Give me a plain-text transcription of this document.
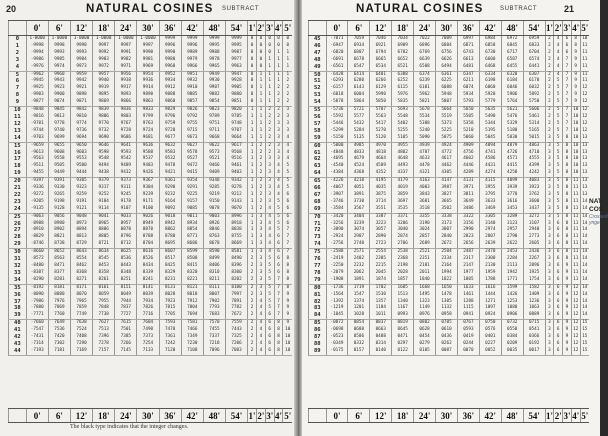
20	NATURAL COSINES SUBTRACT
	0'	6'	12'	18'	24'	30'	36'	42'	48'	54'	1'	2'	3'	4'	5'
0	1·0000	1·0000	1·0000	1·0000	1·0000	1·0000	9999	9999	9999	9999	0	0	0	0	0
1	·9998	9998	9998	9997	9997	9997	9996	9996	9995	9995	0	0	0	0	0
2	·9994	9993	9993	9992	9991	9990	9990	9989	9988	9987	0	0	0	1	1
3	·9986	9985	9984	9983	9982	9981	9980	9979	9978	9977	0	0	1	1	1
4	·9976	9974	9973	9972	9971	9969	9968	9966	9965	9963	0	0	1	1	1
5	·9962	9960	9959	9957	9956	9954	9952	9951	9949	9947	0	1	1	1	1
6	·9945	9943	9942	9940	9938	9936	9934	9932	9930	9928	0	1	1	1	2
7	·9925	9923	9921	9919	9917	9914	9912	9910	9907	9905	0	1	1	2	2
8	·9903	9900	9898	9895	9893	9890	9888	9885	9882	9880	0	1	1	2	2
9	·9877	9874	9871	9869	9866	9863	9860	9857	9854	9851	0	1	1	2	2
10	·9848	9845	9842	9839	9836	9833	9829	9826	9823	9820	1	1	2	2	3
11	·9816	9813	9810	9806	9803	9799	9796	9792	9789	9785	1	1	2	2	3
12	·9781	9778	9774	9770	9767	9763	9759	9755	9751	9748	1	1	2	3	3
13	·9744	9740	9736	9732	9728	9724	9720	9715	9711	9707	1	1	2	3	3
14	·9703	9699	9694	9690	9686	9681	9677	9673	9668	9664	1	1	2	3	4
15	·9659	9655	9650	9646	9641	9636	9632	9627	9622	9617	1	2	2	3	4
16	·9613	9608	9603	9598	9593	9588	9583	9578	9573	9568	1	2	2	3	4
17	·9563	9558	9553	9548	9542	9537	9532	9527	9521	9516	1	2	3	3	4
18	·9511	9505	9500	9494	9489	9483	9478	9472	9466	9461	1	2	3	4	5
19	·9455	9449	9444	9438	9432	9426	9421	9415	9409	9403	1	2	3	4	5
20	·9397	9391	9385	9379	9373	9367	9361	9354	9348	9342	1	2	3	4	5
21	·9336	9330	9323	9317	9311	9304	9298	9291	9285	9278	1	2	3	4	5
22	·9272	9265	9259	9252	9245	9239	9232	9225	9219	9212	1	2	3	4	6
23	·9205	9198	9191	9184	9178	9171	9164	9157	9150	9143	1	2	3	5	6
24	·9135	9128	9121	9114	9107	9100	9092	9085	9078	9070	1	2	4	5	6
25	·9063	9056	9048	9041	9033	9026	9018	9011	9003	8996	1	3	4	5	6
26	·8988	8980	8973	8965	8957	8949	8942	8934	8926	8918	1	3	4	5	6
27	·8910	8902	8894	8886	8878	8870	8862	8854	8846	8838	1	3	4	5	7
28	·8829	8821	8813	8805	8796	8788	8780	8771	8763	8755	1	3	4	6	7
29	·8746	8738	8729	8721	8712	8704	8695	8686	8678	8669	1	3	4	6	7
30	·8660	8652	8643	8634	8625	8616	8607	8599	8590	8581	1	3	4	6	7
31	·8572	8563	8554	8545	8536	8526	8517	8508	8499	8490	2	3	5	6	8
32	·8480	8471	8462	8453	8443	8434	8425	8415	8406	8396	2	3	5	6	8
33	·8387	8377	8368	8358	8348	8339	8329	8320	8310	8300	2	3	5	6	8
34	·8290	8281	8271	8261	8251	8241	8231	8221	8211	8202	2	3	5	7	8
35	·8192	8181	8171	8161	8151	8141	8131	8121	8111	8100	2	3	5	7	8
36	·8090	8080	8070	8059	8049	8039	8028	8018	8007	7997	2	3	5	7	9
37	·7986	7976	7965	7955	7944	7934	7923	7912	7902	7891	2	4	5	7	9
38	·7880	7869	7859	7848	7837	7826	7815	7804	7793	7782	2	4	5	7	9
39	·7771	7760	7749	7738	7727	7716	7705	7694	7683	7672	2	4	6	7	9
40	·7660	7649	7638	7627	7615	7604	7593	7581	7570	7559	2	4	6	8	9
41	·7547	7536	7524	7513	7501	7490	7478	7466	7455	7443	2	4	6	8	10
42	·7431	7420	7408	7396	7385	7373	7361	7349	7337	7325	2	4	6	8	10
43	·7314	7302	7290	7278	7266	7254	7242	7230	7218	7206	2	4	6	8	10
44	·7193	7181	7169	7157	7145	7133	7120	7108	7096	7083	2	4	6	8	10
	0'	6'	12'	18'	24'	30'	36'	42'	48'	54'	1'	2'	3'	4'	5'
The black type indicates that the integer changes.
NATURAL COSINES	SUBTRACT	21
	0'	6'	12'	18'	24'	30'	36'	42'	48'	54'	1'	2'	3'	4'	5'
45	·7071	7059	7046	7034	7022	7009	6997	6984	6972	6959	2	4	6	8	10
46	·6947	6934	6921	6909	6896	6884	6871	6858	6845	6833	2	4	6	8	11
47	·6820	6807	6794	6782	6769	6756	6743	6730	6717	6704	2	4	6	9	11
48	·6691	6678	6665	6652	6639	6626	6613	6600	6587	6574	2	4	7	9	11
49	·6561	6547	6534	6521	6508	6494	6481	6468	6455	6441	2	4	7	9	11
50	·6428	6414	6401	6388	6374	6361	6347	6334	6320	6307	2	4	7	9	11
51	·6293	6280	6266	6252	6239	6225	6211	6198	6184	6170	2	5	7	9	11
52	·6157	6143	6129	6115	6101	6088	6074	6060	6046	6032	2	5	7	9	12
53	·6018	6004	5990	5976	5962	5948	5934	5920	5906	5892	2	5	7	9	12
54	·5878	5864	5850	5835	5821	5807	5793	5779	5764	5750	2	5	7	9	12
55	·5736	5721	5707	5693	5678	5664	5650	5635	5621	5606	2	5	7	10	12
56	·5592	5577	5563	5548	5534	5519	5505	5490	5476	5461	2	5	7	10	12
57	·5446	5432	5417	5402	5388	5373	5358	5344	5329	5314	2	5	7	10	12
58	·5299	5284	5270	5255	5240	5225	5210	5195	5180	5165	2	5	7	10	12
59	·5150	5135	5120	5105	5090	5075	5060	5045	5030	5015	3	5	8	10	13
60	·5000	4985	4970	4955	4939	4924	4909	4894	4879	4863	3	5	8	10	13
61	·4848	4833	4818	4802	4787	4772	4756	4741	4726	4710	3	5	8	10	13
62	·4695	4679	4664	4648	4633	4617	4602	4586	4571	4555	3	5	8	10	13
63	·4540	4524	4509	4493	4478	4462	4446	4431	4415	4399	3	5	8	10	13
64	·4384	4368	4352	4337	4321	4305	4289	4274	4258	4242	3	5	8	10	13
65	·4226	4210	4195	4179	4163	4147	4131	4115	4099	4083	3	5	8	11	13
66	·4067	4051	4035	4019	4003	3987	3971	3955	3939	3923	3	5	8	11	13
67	·3907	3891	3875	3859	3843	3827	3811	3795	3778	3762	3	5	8	11	13
68	·3746	3730	3714	3697	3681	3665	3649	3633	3616	3600	3	5	8	11	14
69	·3584	3567	3551	3535	3518	3502	3486	3469	3453	3437	3	5	8	11	14
70	·3420	3404	3387	3371	3355	3338	3322	3305	3289	3272	3	5	8	11	14
71	·3256	3239	3223	3206	3190	3173	3156	3140	3123	3107	3	6	8	11	14
72	·3090	3074	3057	3040	3024	3007	2990	2974	2957	2940	3	6	8	11	14
73	·2924	2907	2890	2874	2857	2840	2823	2807	2790	2773	3	6	8	11	14
74	·2756	2740	2723	2706	2689	2672	2656	2639	2622	2605	3	6	8	11	14
75	·2588	2571	2554	2538	2521	2504	2487	2470	2453	2436	3	6	8	11	14
76	·2419	2402	2385	2368	2351	2334	2317	2300	2284	2267	3	6	8	11	14
77	·2250	2232	2215	2198	2181	2164	2147	2130	2113	2096	3	6	9	11	14
78	·2079	2062	2045	2028	2011	1994	1977	1959	1942	1925	3	6	9	11	14
79	·1908	1891	1874	1857	1840	1822	1805	1788	1771	1754	3	6	9	11	14
80	·1736	1719	1702	1685	1668	1650	1633	1616	1599	1582	3	6	9	12	14
81	·1564	1547	1530	1513	1495	1478	1461	1444	1426	1409	3	6	9	12	14
82	·1392	1374	1357	1340	1323	1305	1288	1271	1253	1236	3	6	9	12	14
83	·1219	1201	1184	1167	1149	1132	1115	1097	1080	1063	3	6	9	12	14
84	·1045	1028	1011	0993	0976	0958	0941	0924	0906	0889	3	6	9	12	14
85	·0872	0854	0837	0819	0802	0785	0767	0750	0732	0715	3	6	9	12	15
86	·0698	0680	0663	0645	0628	0610	0593	0576	0558	0541	3	6	9	12	15
87	·0523	0506	0488	0471	0454	0436	0419	0401	0384	0366	3	6	9	12	15
88	·0349	0332	0314	0297	0279	0262	0244	0227	0209	0192	3	6	9	12	15
89	·0175	0157	0140	0122	0105	0087	0070	0052	0035	0017	3	6	9	12	15
	0'	6'	12'	18'	24'	30'	36'	42'	48'	54'	1'	2'	3'	4'	5'
NAT. COS.
Crossed ynge
